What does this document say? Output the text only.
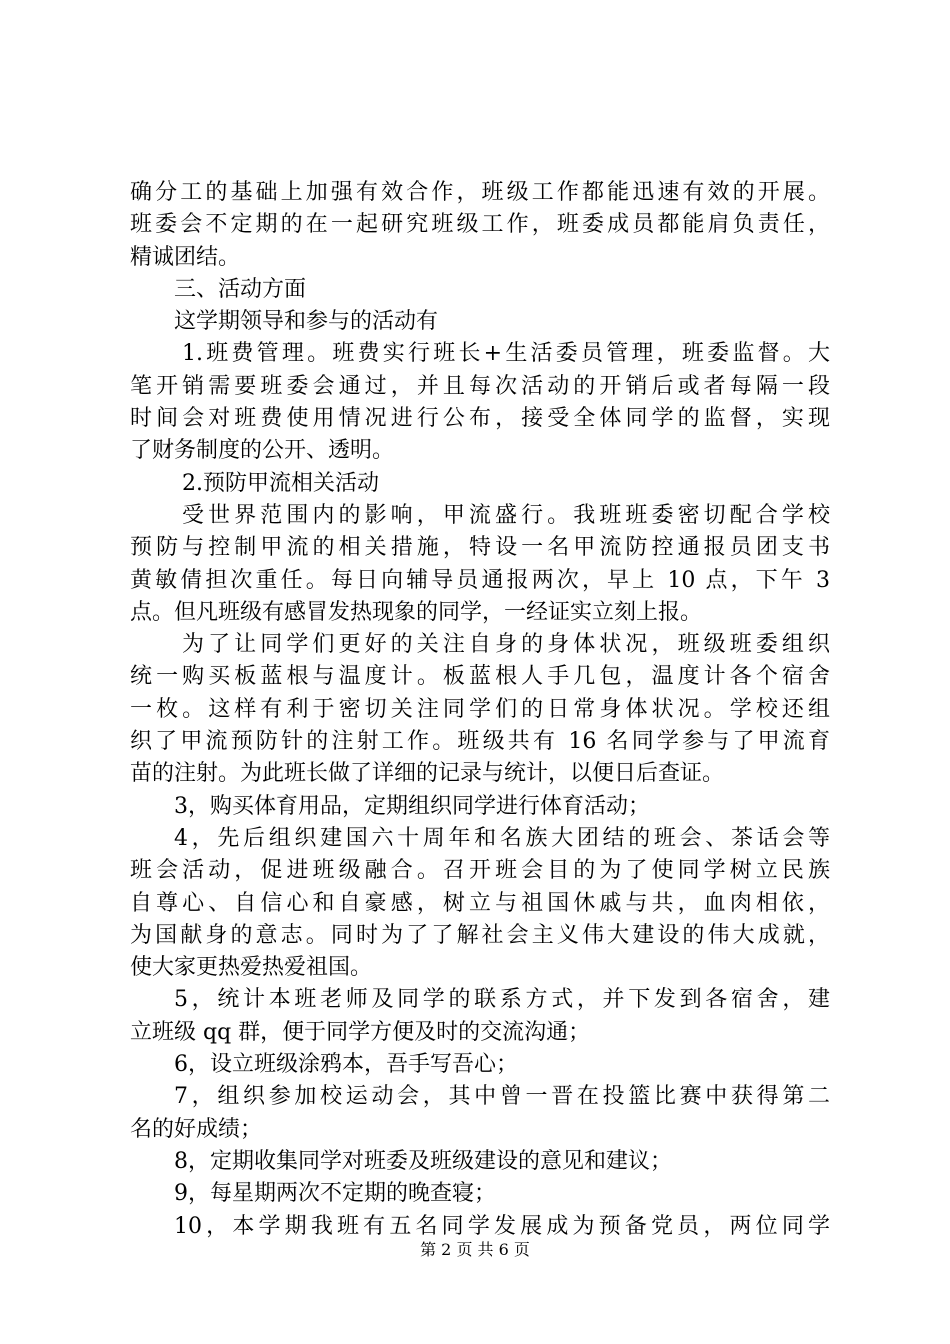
确分工的基础上加强有效合作，班级工作都能迅速有效的开展。
班委会不定期的在一起研究班级工作，班委成员都能肩负责任，
精诚团结。
三、活动方面
这学期领导和参与的活动有
1.班费管理。班费实行班长+生活委员管理，班委监督。大
笔开销需要班委会通过，并且每次活动的开销后或者每隔一段
时间会对班费使用情况进行公布，接受全体同学的监督，实现
了财务制度的公开、透明。
2.预防甲流相关活动
受世界范围内的影响，甲流盛行。我班班委密切配合学校
预防与控制甲流的相关措施，特设一名甲流防控通报员团支书
黄敏倩担次重任。每日向辅导员通报两次，早上 10 点，下午 3
点。但凡班级有感冒发热现象的同学，一经证实立刻上报。
为了让同学们更好的关注自身的身体状况，班级班委组织
统一购买板蓝根与温度计。板蓝根人手几包，温度计各个宿舍
一枚。这样有利于密切关注同学们的日常身体状况。学校还组
织了甲流预防针的注射工作。班级共有 16 名同学参与了甲流育
苗的注射。为此班长做了详细的记录与统计，以便日后查证。
3，购买体育用品，定期组织同学进行体育活动；
4，先后组织建国六十周年和名族大团结的班会、茶话会等
班会活动，促进班级融合。召开班会目的为了使同学树立民族
自尊心、自信心和自豪感，树立与祖国休戚与共，血肉相依，
为国献身的意志。同时为了了解社会主义伟大建设的伟大成就，
使大家更热爱热爱祖国。
5，统计本班老师及同学的联系方式，并下发到各宿舍，建
立班级 qq 群，便于同学方便及时的交流沟通；
6，设立班级涂鸦本，吾手写吾心；
7，组织参加校运动会，其中曾一晋在投篮比赛中获得第二
名的好成绩；
8，定期收集同学对班委及班级建设的意见和建议；
9，每星期两次不定期的晚查寝；
10，本学期我班有五名同学发展成为预备党员，两位同学
第 2 页 共 6 页
